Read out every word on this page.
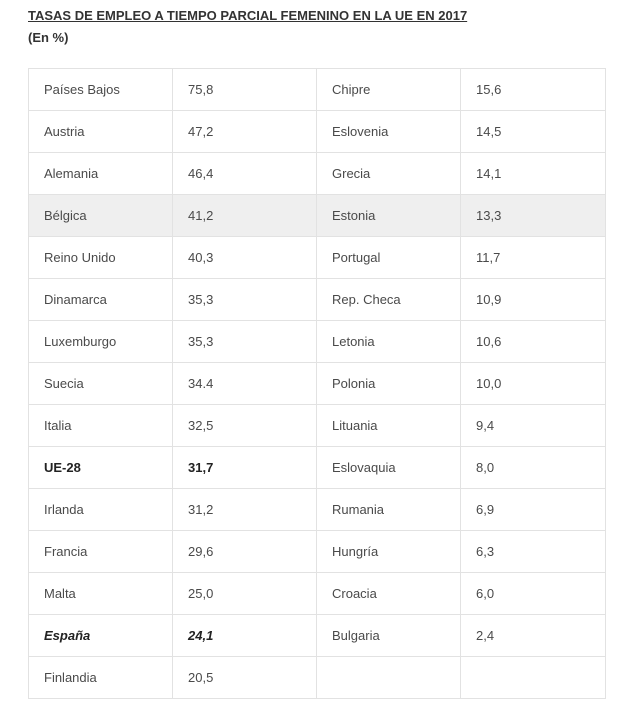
TASAS DE EMPLEO A TIEMPO PARCIAL FEMENINO EN LA UE EN 2017
(En %)
Países Bajos	75,8	Chipre	15,6
Austria	47,2	Eslovenia	14,5
Alemania	46,4	Grecia	14,1
Bélgica	41,2	Estonia	13,3
Reino Unido	40,3	Portugal	11,7
Dinamarca	35,3	Rep. Checa	10,9
Luxemburgo	35,3	Letonia	10,6
Suecia	34.4	Polonia	10,0
Italia	32,5	Lituania	9,4
UE-28	31,7	Eslovaquia	8,0
Irlanda	31,2	Rumania	6,9
Francia	29,6	Hungría	6,3
Malta	25,0	Croacia	6,0
España	24,1	Bulgaria	2,4
Finlandia	20,5		
